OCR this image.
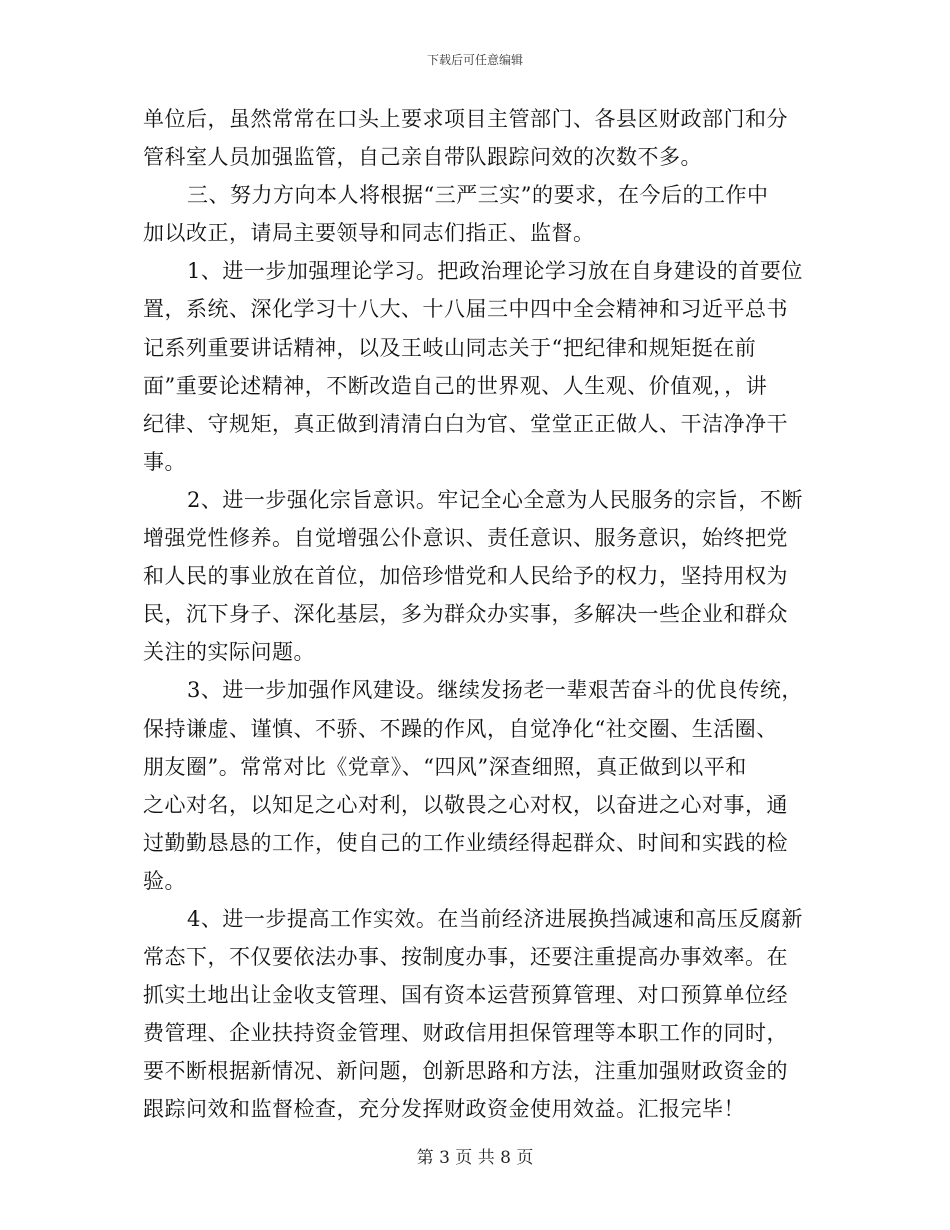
下载后可任意编辑
单位后，虽然常常在口头上要求项目主管部门、各县区财政部门和分
管科室人员加强监管，自己亲自带队跟踪问效的次数不多。
三、努力方向本人将根据“三严三实”的要求，在今后的工作中
加以改正，请局主要领导和同志们指正、监督。
1、进一步加强理论学习。把政治理论学习放在自身建设的首要位
置，系统、深化学习十八大、十八届三中四中全会精神和习近平总书
记系列重要讲话精神，以及王岐山同志关于“把纪律和规矩挺在前
面”重要论述精神，不断改造自己的世界观、人生观、价值观，，讲
纪律、守规矩，真正做到清清白白为官、堂堂正正做人、干洁净净干
事。
2、进一步强化宗旨意识。牢记全心全意为人民服务的宗旨，不断
增强党性修养。自觉增强公仆意识、责任意识、服务意识，始终把党
和人民的事业放在首位，加倍珍惜党和人民给予的权力，坚持用权为
民，沉下身子、深化基层，多为群众办实事，多解决一些企业和群众
关注的实际问题。
3、进一步加强作风建设。继续发扬老一辈艰苦奋斗的优良传统，
保持谦虚、谨慎、不骄、不躁的作风，自觉净化“社交圈、生活圈、
朋友圈”。常常对比《党章》、“四风”深查细照，真正做到以平和
之心对名，以知足之心对利，以敬畏之心对权，以奋进之心对事，通
过勤勤恳恳的工作，使自己的工作业绩经得起群众、时间和实践的检
验。
4、进一步提高工作实效。在当前经济进展换挡减速和高压反腐新
常态下，不仅要依法办事、按制度办事，还要注重提高办事效率。在
抓实土地出让金收支管理、国有资本运营预算管理、对口预算单位经
费管理、企业扶持资金管理、财政信用担保管理等本职工作的同时，
要不断根据新情况、新问题，创新思路和方法，注重加强财政资金的
跟踪问效和监督检查，充分发挥财政资金使用效益。汇报完毕！
第 3 页 共 8 页
